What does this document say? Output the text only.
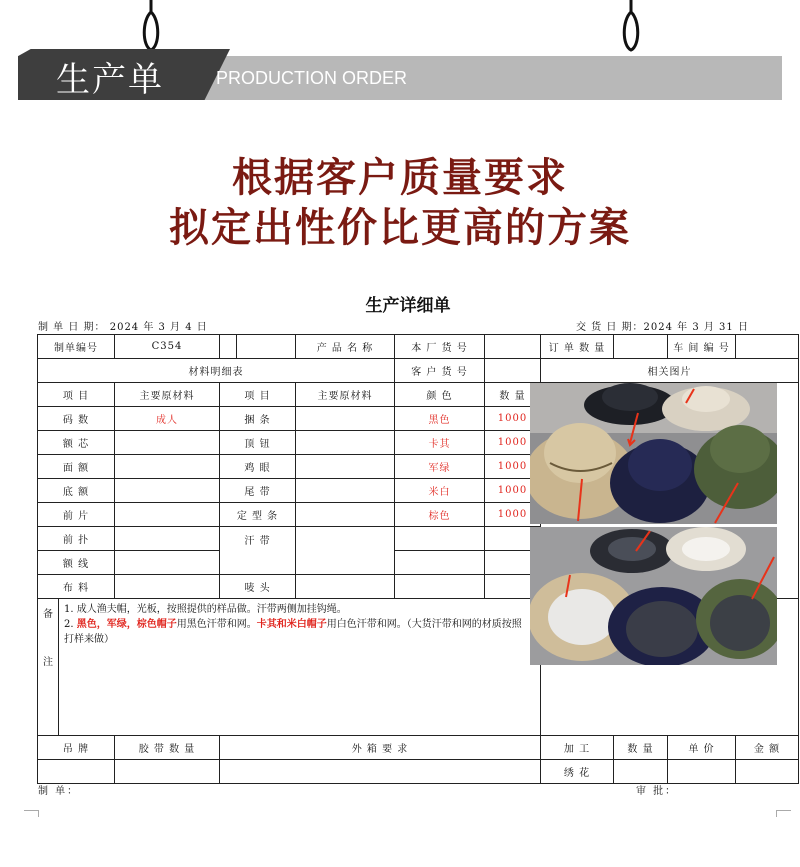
生产单	PRODUCTION ORDER
根据客户质量要求
拟定出性价比更高的方案
生产详细单
制 单 日 期： 2024 年 3 月 4 日	交 货 日 期：2024 年 3 月 31 日
制单编号	C354			产 品 名 称	本 厂 货 号		订 单 数 量		车 间 编 号	
材料明细表					客 户 货 号		相关图片			
项 目	主要原材料	项 目		主要原材料	颜 色	数 量				
码 数	成人	捆 条			黑色	1000				
额 芯		顶 钮			卡其	1000				
面 额		鸡 眼			军绿	1000				
底 额		尾 带			米白	1000				
前 片		定 型 条			棕色	1000				
前 扑		汗 带								
额 线										
布 料		唛 头								

备
注
1. 成人渔夫帽，光板，按照提供的样品做。汗带两侧加挂钩绳。
2. 黑色，军绿，棕色帽子用黑色汗带和网。卡其和米白帽子用白色汗带和网。（大货汗带和网的材质按照打样来做）										

吊 牌	胶 带 数 量	外 箱 要 求					加 工	数 量	单 价	金 额
							绣 花			
制 单：	审 批：
